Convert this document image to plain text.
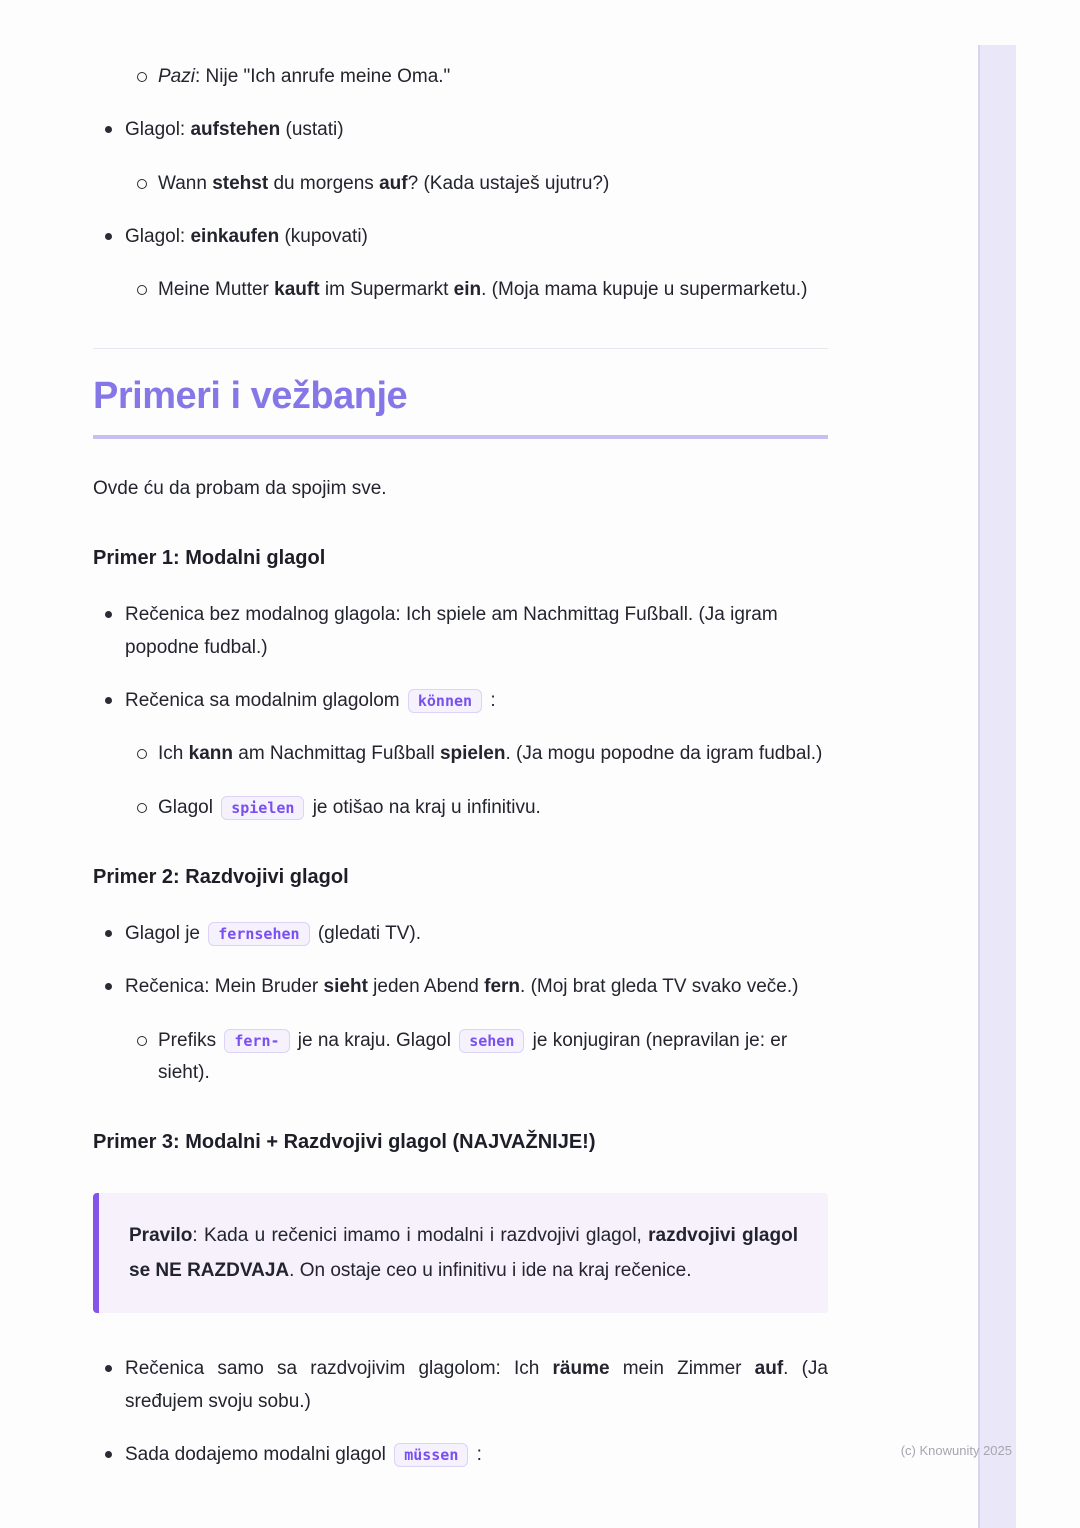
Pazi: Nije "Ich anrufe meine Oma."
Glagol: aufstehen (ustati)
Wann stehst du morgens auf? (Kada ustaješ ujutru?)
Glagol: einkaufen (kupovati)
Meine Mutter kauft im Supermarkt ein. (Moja mama kupuje u supermarketu.)
Primeri i vežbanje
Ovde ću da probam da spojim sve.
Primer 1: Modalni glagol
Rečenica bez modalnog glagola: Ich spiele am Nachmittag Fußball. (Ja igram popodne fudbal.)
Rečenica sa modalnim glagolom können :
Ich kann am Nachmittag Fußball spielen. (Ja mogu popodne da igram fudbal.)
Glagol spielen je otišao na kraj u infinitivu.
Primer 2: Razdvojivi glagol
Glagol je fernsehen (gledati TV).
Rečenica: Mein Bruder sieht jeden Abend fern. (Moj brat gleda TV svako veče.)
Prefiks fern- je na kraju. Glagol sehen je konjugiran (nepravilan je: er sieht).
Primer 3: Modalni + Razdvojivi glagol (NAJVAŽNIJE!)
Pravilo: Kada u rečenici imamo i modalni i razdvojivi glagol, razdvojivi glagol se NE RAZDVAJA. On ostaje ceo u infinitivu i ide na kraj rečenice.
Rečenica samo sa razdvojivim glagolom: Ich räume mein Zimmer auf. (Ja sređujem svoju sobu.)
Sada dodajemo modalni glagol müssen :	(c) Knowunity 2025
